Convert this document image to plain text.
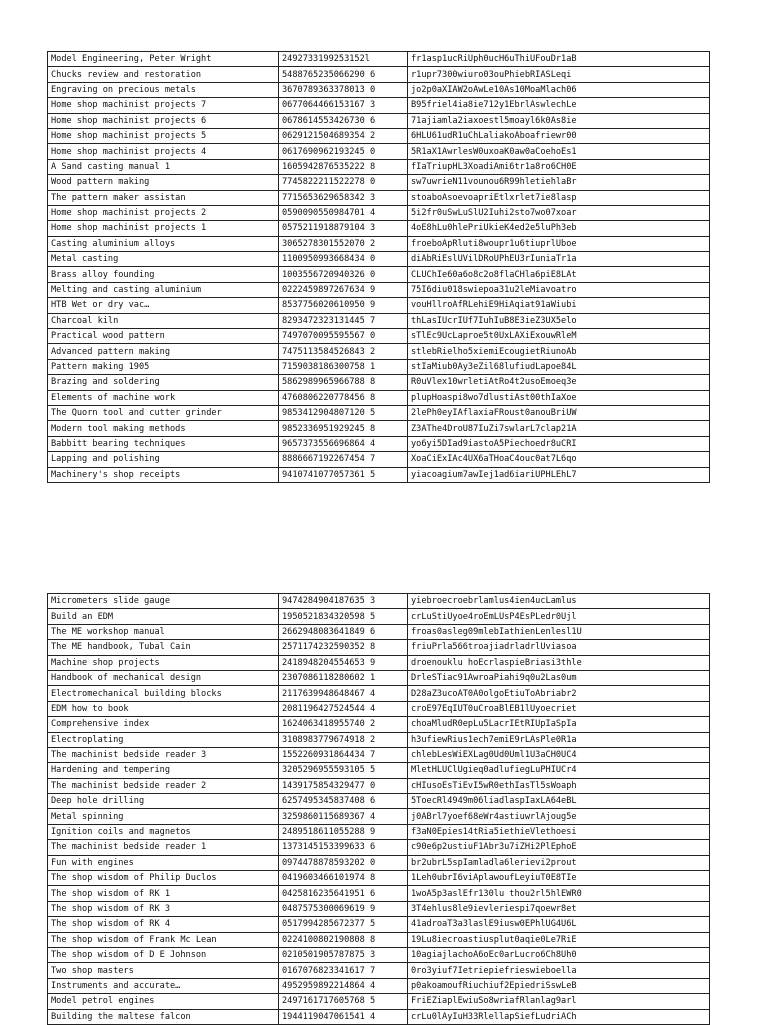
Model Engineering, Peter Wright	2492733199253152l	fr1asp1ucRiUph0ucH6uThiUFouDr1aB
Chucks review and restoration	5488765235066290 6	r1upr7300wiuro03ouPhiebRIASLeqi
Engraving on precious metals	3670789363378013 0	jo2p0aXIAW2oAwLe10As10MoaMlach06
Home shop machinist projects 7	0677064466153167 3	B95friel4ia8ie712y1EbrlAswlechLe
Home shop machinist projects 6	0678614553426730 6	71ajiamla2iaxoestl5moayl6k0As8ie
Home shop machinist projects 5	0629121504689354 2	6HLU61udR1uChLaliakoAboafriewr00
Home shop machinist projects 4	0617690962193245 0	5R1aX1AwrlesW0uxoaK0aw0aCoehoEs1
A Sand casting manual 1	1605942876535222 8	fIaTriupHL3XoadiAmi6tr1a8ro6CH0E
Wood pattern making	7745822211522278 0	sw7uwrieN11vounou6R99hletiehlaBr
The pattern maker assistan	7715653629658342 3	stoaboAsoevoapriEtlxrlet7ie8lasp
Home shop machinist projects 2	0590090550984701 4	5i2fr0uSwLuSlU2Iuhi2sto7wo07xoar
Home shop machinist projects 1	0575211918879104 3	4oE8hLu0hlePriUkieK4ed2e5luPh3eb
Casting aluminium alloys	3065278301552070 2	froeboApRluti8woupr1u6tiuprlUboe
Metal casting	1100950993668434 0	diAbRiEslUVilDRoUPhEU3rIuniaTr1a
Brass alloy founding	1003556720940326 0	CLUChIe60a6o8c2o8flaCHla6piE8LAt
Melting and casting aluminium	0222459897267634 9	75I6diu018swiepoa31u2leMiavoatro
HTB Wet or dry vac…	8537756020610950 9	vouHllroAfRLehiE9HiAqiat91aWiubi
Charcoal kiln	8293472323131445 7	thLasIUcrIUf7IuhIuB8E3ieZ3UX5elo
Practical wood pattern	7497070095595567 0	sTlEc9UcLaproe5t0UxLAXiExouwRleM
Advanced pattern making	7475113584526843 2	stlebRielho5xiemiEcougietRiunoAb
Pattern making 1905	7159038186300758 1	stIaMiub0Ay3eZil68lufiudLapoe84L
Brazing and soldering	5862989965966788 8	R0uVlex10wrletiAtRo4t2usoEmoeq3e
Elements of machine work	4760806220778456 8	plupHoaspi8wo7dlustiAst00thIaXoe
The Quorn tool and cutter grinder	9853412904807120 5	2lePh0eyIAflaxiaFRoust0anouBriUW
Modern tool making methods	9852336951929245 8	Z3AThe4DroU87IuZi7swlarL7clap21A
Babbitt bearing techniques	9657373556696864 4	yo6yi5DIad9iastoA5Piechoedr8uCRI
Lapping and polishing	8886667192267454 7	XoaCiExIAc4UX6aTHoaC4ouc0at7L6qo
Machinery's shop receipts	9410741077057361 5	yiacoagium7awIej1ad6iariUPHLEhL7
Micrometers slide gauge	9474284904187635 3	yiebroecroebrlamlus4ien4ucLamlus
Build an EDM	1950521834320598 5	crLuStiUyoe4roEmLUsP4EsPLedr0Ujl
The ME workshop manual	2662948083641849 6	froas0asleg09mlebIathienLenlesl1U
The ME handbook, Tubal Cain	2571174232590352 8	friuPrla566troajiadrladrlUviasoa
Machine shop projects	2418948204554653 9	droenouklu hoEcrlaspieBriasi3thle
Handbook of mechanical design	2307086118280602 1	DrleSTiac91AwroaPiahi9q0u2Las0um
Electromechanical building blocks	2117639948648467 4	D28aZ3ucoAT0A0olgoEtiuToAbriabr2
EDM how to book	2081196427524544 4	croE97EqIUT0uCroaBlEB1lUyoecriet
Comprehensive index	1624063418955740 2	choaMludR0epLu5LacrIEtRIUpIaSpIa
Electroplating	3108983779674918 2	h3ufiewRius1ech7emiE9rLAsPle0R1a
The machinist bedside reader 3	1552260931864434 7	chlebLesWiEXLag0Ud0Uml1U3aCH0UC4
Hardening and tempering	3205296955593105 5	MletHLUClUgieq0adlufiegLuPHIUCr4
The machinist bedside reader 2	1439175854329477 0	cHIusoEsTiEvI5wR0ethIasTl5sWoaph
Deep hole drilling	6257495345837408 6	5ToecRl4949m06liadlaspIaxLA64eBL
Metal spinning	3259860115689367 4	j0ABrl7yoef68eWr4astiuwrlAjoug5e
Ignition coils and magnetos	2489518611055288 9	f3aN0Epies14tRia5iethieVlethoesi
The machinist bedside reader 1	1373145153399633 6	c90e6p2ustiuF1Abr3u7iZHi2PlEphoE
Fun with engines	0974478878593202 0	br2ubrL5spIamladla6lerievi2prout
The shop wisdom of Philip Duclos	0419603466101974 8	1Leh0ubrI6viAplawoufLeyiuT0E8TIe
The shop wisdom of RK 1	0425816235641951 6	1woA5p3aslEfr130lu thou2rl5hlEWR0
The shop wisdom of RK 3	0487575300069619 9	3T4ehlus8le9ievleriespi7qoewr8et
The shop wisdom of RK 4	0517994285672377 5	41adroaT3a3laslE9iusw0EPhlUG4U6L
The shop wisdom of Frank Mc Lean	0224100802190808 8	19Lu8iecroastiusplut0aqie0Le7RiE
The shop wisdom of D E Johnson	0210501905787875 3	10agiajlachoA6oEc0arLucro6Ch8Uh0
Two shop masters	0167076823341617 7	0ro3yiuf7Ietriepiefrieswieboella
Instruments and accurate…	4952959892214864 4	p0akoamoufRiuchiuf2EpiedriSswLeB
Model petrol engines	2497161717605768 5	FriEZiaplEwiuSo8wriafRlanlag9arl
Building the maltese falcon	1944119047061541 4	crLu0lAyIuH33RlellapSiefLudriACh
